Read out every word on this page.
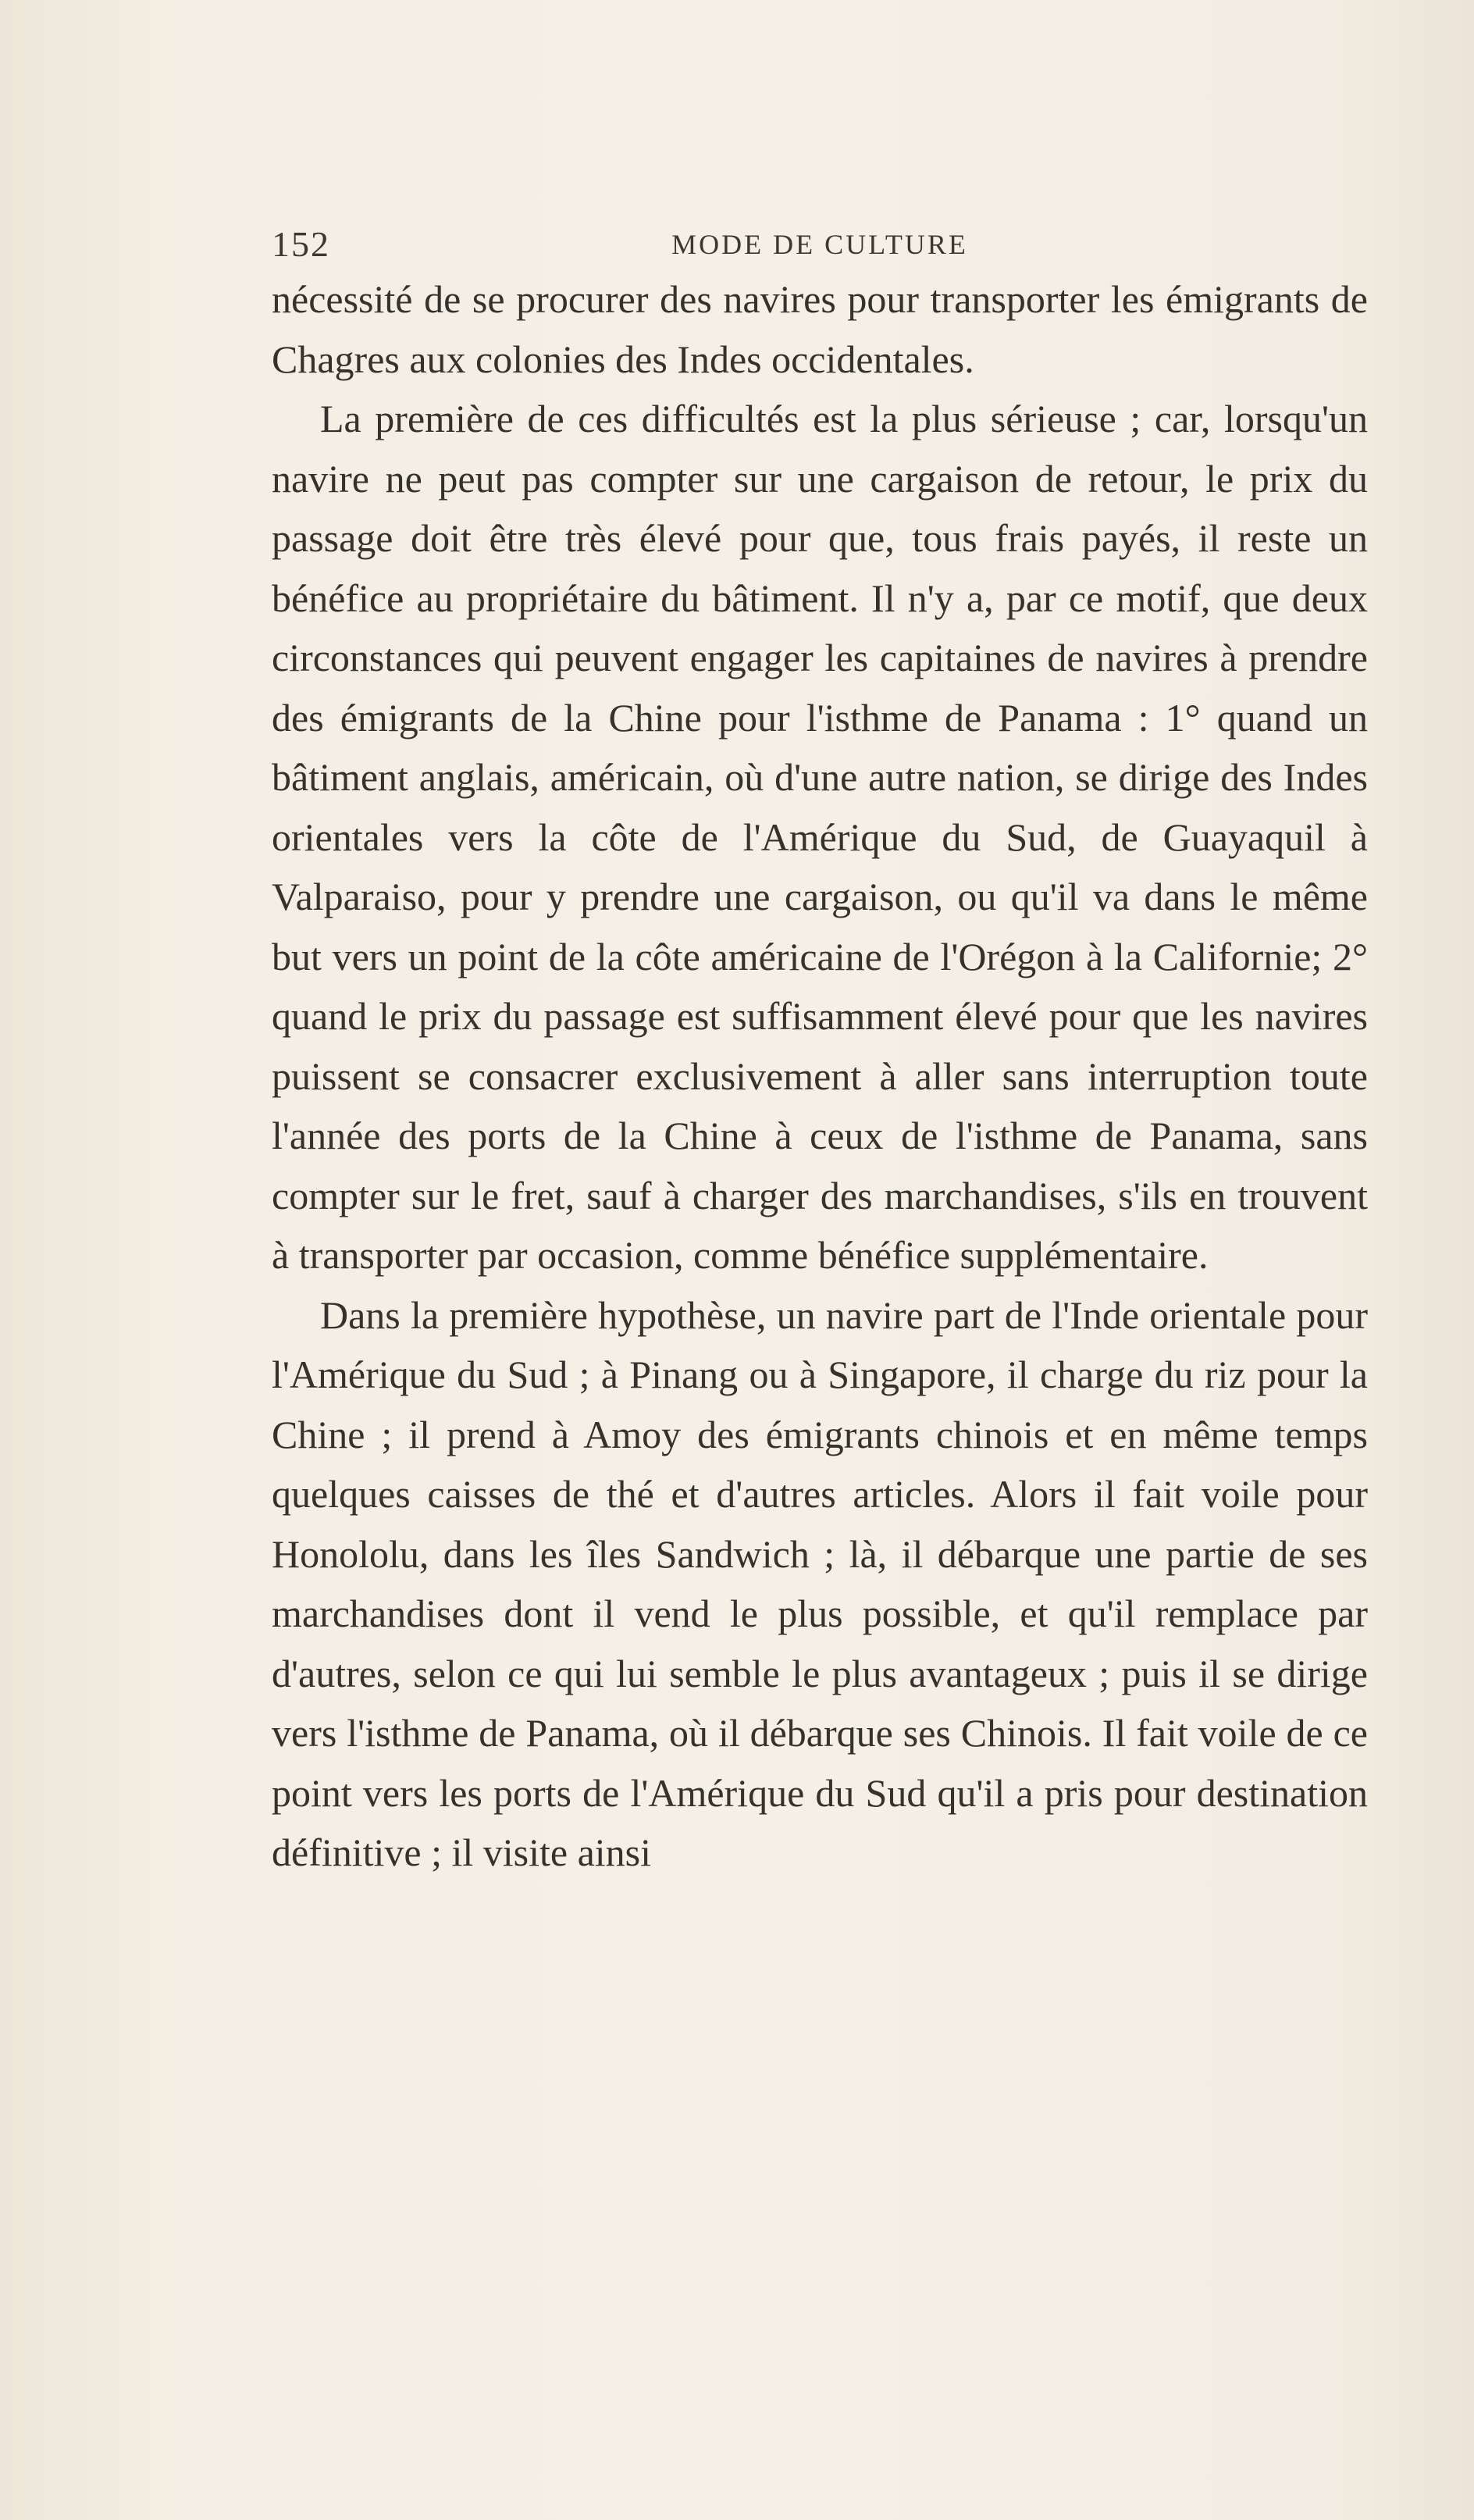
152	MODE DE CULTURE

nécessité de se procurer des navires pour transporter les émigrants de Chagres aux colonies des Indes occidentales.

La première de ces difficultés est la plus sérieuse ; car, lorsqu'un navire ne peut pas compter sur une cargaison de retour, le prix du passage doit être très élevé pour que, tous frais payés, il reste un bénéfice au propriétaire du bâtiment. Il n'y a, par ce motif, que deux circonstances qui peuvent engager les capitaines de navires à prendre des émigrants de la Chine pour l'isthme de Panama : 1° quand un bâtiment anglais, américain, où d'une autre nation, se dirige des Indes orientales vers la côte de l'Amérique du Sud, de Guayaquil à Valparaiso, pour y prendre une cargaison, ou qu'il va dans le même but vers un point de la côte américaine de l'Orégon à la Californie; 2° quand le prix du passage est suffisamment élevé pour que les navires puissent se consacrer exclusivement à aller sans interruption toute l'année des ports de la Chine à ceux de l'isthme de Panama, sans compter sur le fret, sauf à charger des marchandises, s'ils en trouvent à transporter par occasion, comme bénéfice supplémentaire.

Dans la première hypothèse, un navire part de l'Inde orientale pour l'Amérique du Sud ; à Pinang ou à Singapore, il charge du riz pour la Chine ; il prend à Amoy des émigrants chinois et en même temps quelques caisses de thé et d'autres articles. Alors il fait voile pour Honololu, dans les îles Sandwich ; là, il débarque une partie de ses marchandises dont il vend le plus possible, et qu'il remplace par d'autres, selon ce qui lui semble le plus avantageux ; puis il se dirige vers l'isthme de Panama, où il débarque ses Chinois. Il fait voile de ce point vers les ports de l'Amérique du Sud qu'il a pris pour destination définitive ; il visite ainsi
